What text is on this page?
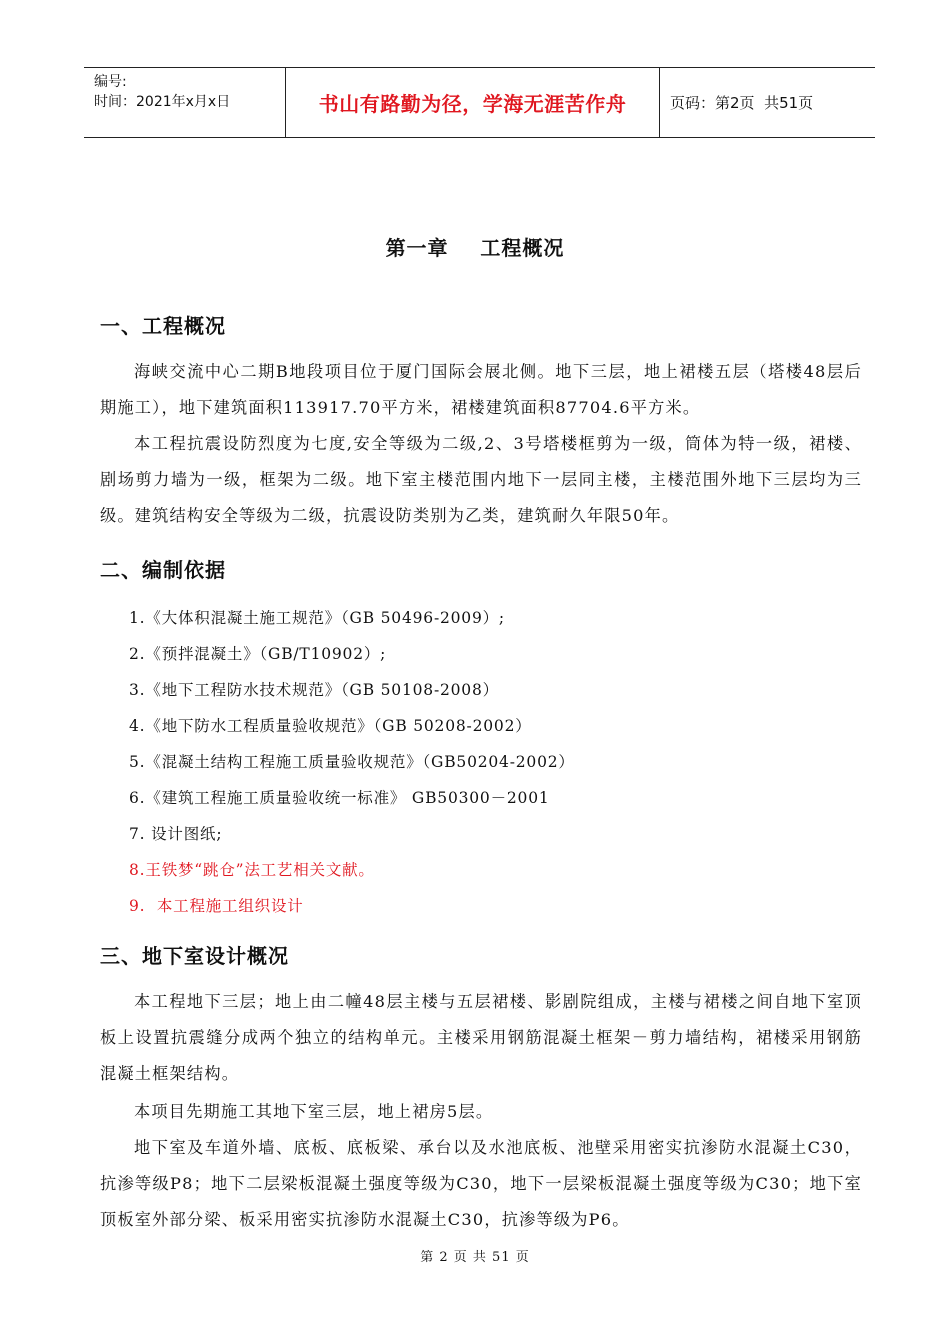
编号:
时间：2021年x月x日	书山有路勤为径，学海无涯苦作舟	页码：第2页  共51页
第一章    工程概况
一、工程概况
海峡交流中心二期B地段项目位于厦门国际会展北侧。地下三层，地上裙楼五层（塔楼48层后期施工），地下建筑面积113917.70平方米，裙楼建筑面积87704.6平方米。
本工程抗震设防烈度为七度,安全等级为二级,2、3号塔楼框剪为一级，筒体为特一级，裙楼、剧场剪力墙为一级，框架为二级。地下室主楼范围内地下一层同主楼，主楼范围外地下三层均为三级。建筑结构安全等级为二级，抗震设防类别为乙类，建筑耐久年限50年。
二、编制依据
1.《大体积混凝土施工规范》（GB 50496-2009）;
2.《预拌混凝土》（GB/T10902）;
3.《地下工程防水技术规范》（GB 50108-2008）
4.《地下防水工程质量验收规范》（GB 50208-2002）
5.《混凝土结构工程施工质量验收规范》（GB50204-2002）
6.《建筑工程施工质量验收统一标准》 GB50300－2001
7. 设计图纸;
8.王铁梦“跳仓”法工艺相关文献。
9.  本工程施工组织设计
三、地下室设计概况
本工程地下三层；地上由二幢48层主楼与五层裙楼、影剧院组成，主楼与裙楼之间自地下室顶板上设置抗震缝分成两个独立的结构单元。主楼采用钢筋混凝土框架－剪力墙结构，裙楼采用钢筋混凝土框架结构。
本项目先期施工其地下室三层，地上裙房5层。
地下室及车道外墙、底板、底板梁、承台以及水池底板、池壁采用密实抗渗防水混凝土C30，抗渗等级P8；地下二层梁板混凝土强度等级为C30，地下一层梁板混凝土强度等级为C30；地下室顶板室外部分梁、板采用密实抗渗防水混凝土C30，抗渗等级为P6。
第 2 页 共 51 页
